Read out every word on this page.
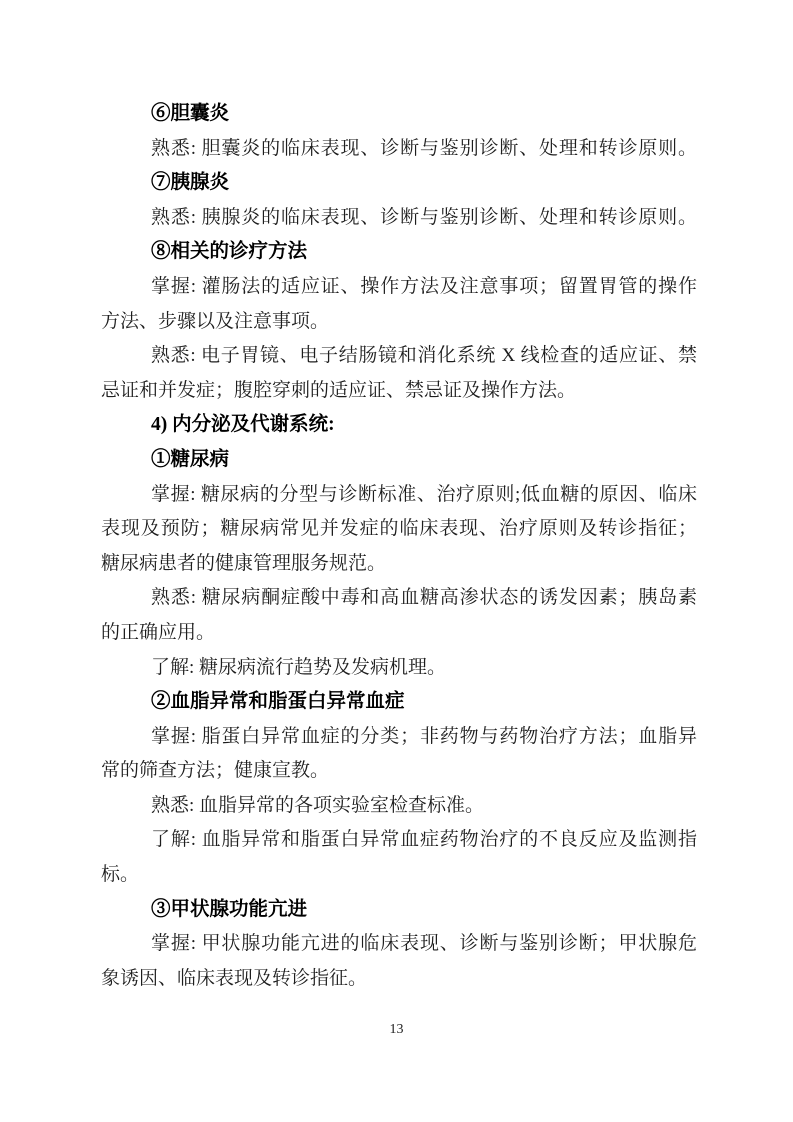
⑥胆囊炎
熟悉: 胆囊炎的临床表现、诊断与鉴别诊断、处理和转诊原则。
⑦胰腺炎
熟悉: 胰腺炎的临床表现、诊断与鉴别诊断、处理和转诊原则。
⑧相关的诊疗方法
掌握: 灌肠法的适应证、操作方法及注意事项；留置胃管的操作
方法、步骤以及注意事项。
熟悉: 电子胃镜、电子结肠镜和消化系统 X 线检查的适应证、禁
忌证和并发症；腹腔穿刺的适应证、禁忌证及操作方法。
4) 内分泌及代谢系统:
①糖尿病
掌握: 糖尿病的分型与诊断标准、治疗原则;低血糖的原因、临床
表现及预防；糖尿病常见并发症的临床表现、治疗原则及转诊指征；
糖尿病患者的健康管理服务规范。
熟悉: 糖尿病酮症酸中毒和高血糖高渗状态的诱发因素；胰岛素
的正确应用。
了解: 糖尿病流行趋势及发病机理。
②血脂异常和脂蛋白异常血症
掌握: 脂蛋白异常血症的分类；非药物与药物治疗方法；血脂异
常的筛查方法；健康宣教。
熟悉: 血脂异常的各项实验室检查标准。
了解: 血脂异常和脂蛋白异常血症药物治疗的不良反应及监测指
标。
③甲状腺功能亢进
掌握: 甲状腺功能亢进的临床表现、诊断与鉴别诊断；甲状腺危
象诱因、临床表现及转诊指征。
13
